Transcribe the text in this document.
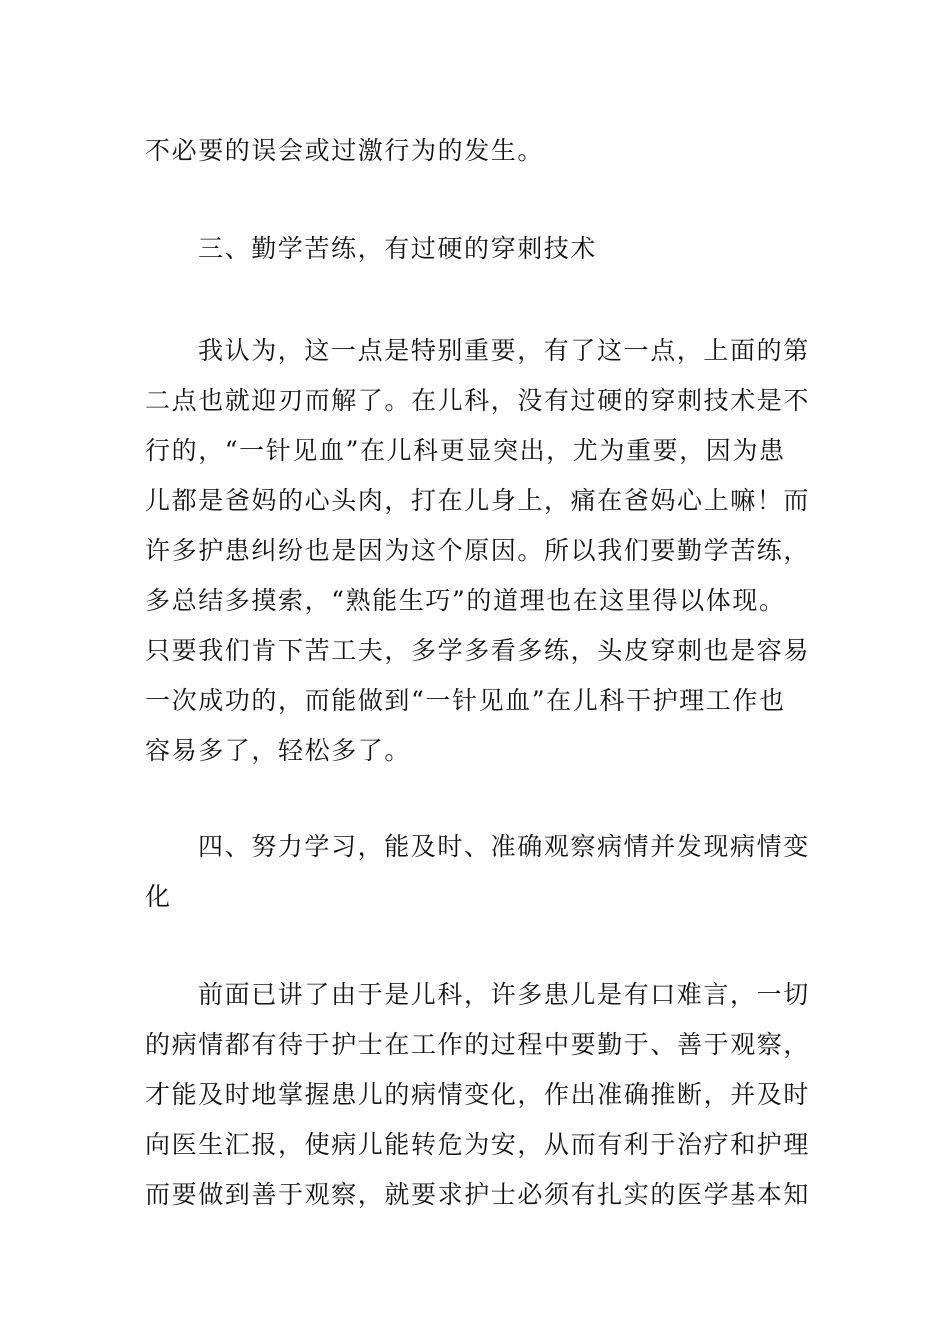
不必要的误会或过激行为的发生。
三、勤学苦练，有过硬的穿刺技术
我认为，这一点是特别重要，有了这一点，上面的第
二点也就迎刃而解了。在儿科，没有过硬的穿刺技术是不
行的，“一针见血”在儿科更显突出，尤为重要，因为患
儿都是爸妈的心头肉，打在儿身上，痛在爸妈心上嘛！而
许多护患纠纷也是因为这个原因。所以我们要勤学苦练，
多总结多摸索，“熟能生巧”的道理也在这里得以体现。
只要我们肯下苦工夫，多学多看多练，头皮穿刺也是容易
一次成功的，而能做到“一针见血”在儿科干护理工作也
容易多了，轻松多了。
四、努力学习，能及时、准确观察病情并发现病情变
化
前面已讲了由于是儿科，许多患儿是有口难言，一切
的病情都有待于护士在工作的过程中要勤于、善于观察，
才能及时地掌握患儿的病情变化，作出准确推断，并及时
向医生汇报，使病儿能转危为安，从而有利于治疗和护理
而要做到善于观察，就要求护士必须有扎实的医学基本知
